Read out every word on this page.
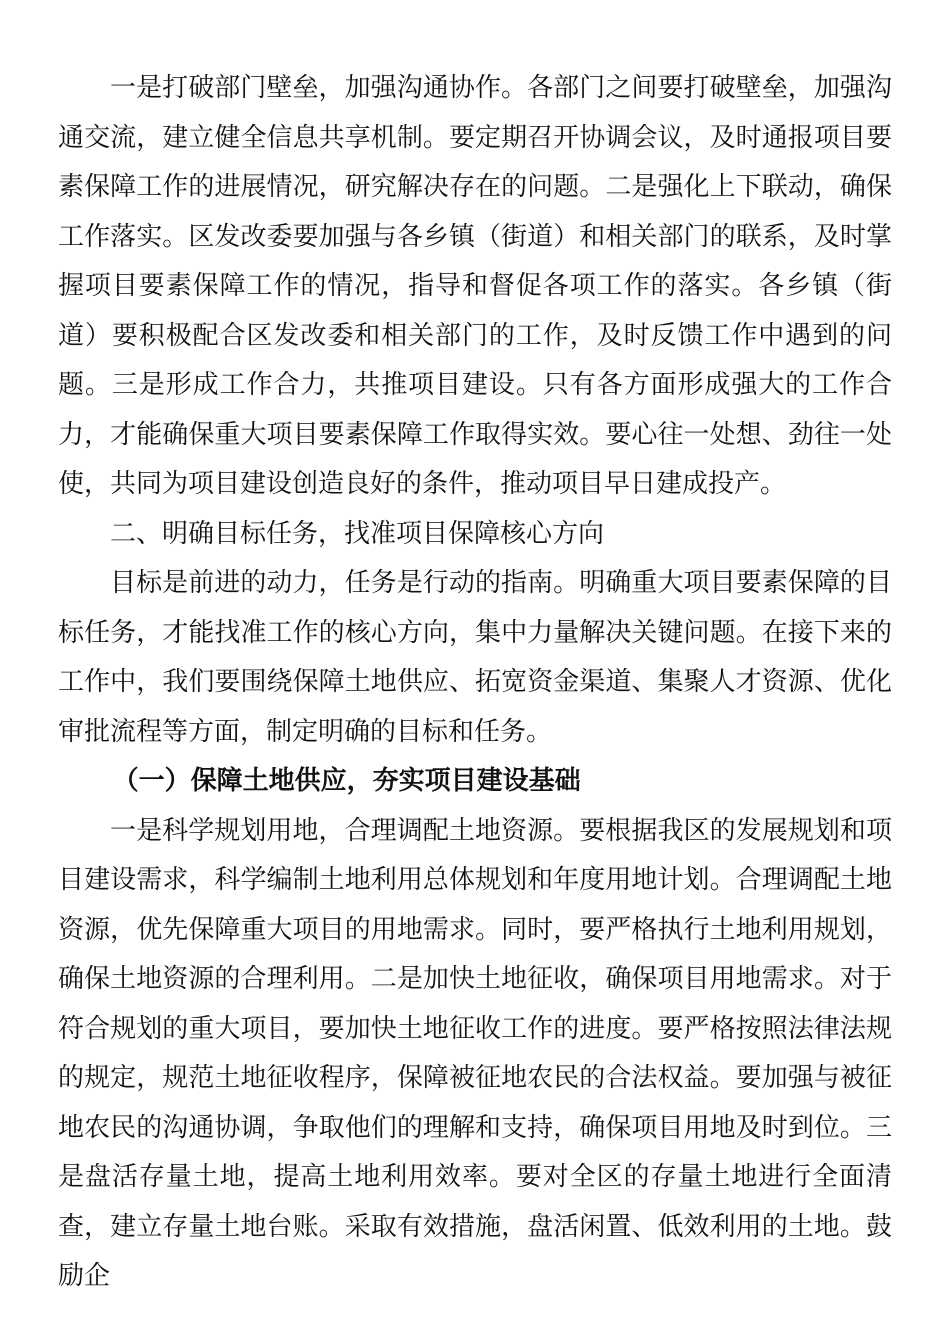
一是打破部门壁垒，加强沟通协作。各部门之间要打破壁垒，加强沟通交流，建立健全信息共享机制。要定期召开协调会议，及时通报项目要素保障工作的进展情况，研究解决存在的问题。二是强化上下联动，确保工作落实。区发改委要加强与各乡镇（街道）和相关部门的联系，及时掌握项目要素保障工作的情况，指导和督促各项工作的落实。各乡镇（街道）要积极配合区发改委和相关部门的工作，及时反馈工作中遇到的问题。三是形成工作合力，共推项目建设。只有各方面形成强大的工作合力，才能确保重大项目要素保障工作取得实效。要心往一处想、劲往一处使，共同为项目建设创造良好的条件，推动项目早日建成投产。

二、明确目标任务，找准项目保障核心方向

目标是前进的动力，任务是行动的指南。明确重大项目要素保障的目标任务，才能找准工作的核心方向，集中力量解决关键问题。在接下来的工作中，我们要围绕保障土地供应、拓宽资金渠道、集聚人才资源、优化审批流程等方面，制定明确的目标和任务。

（一）保障土地供应，夯实项目建设基础

一是科学规划用地，合理调配土地资源。要根据我区的发展规划和项目建设需求，科学编制土地利用总体规划和年度用地计划。合理调配土地资源，优先保障重大项目的用地需求。同时，要严格执行土地利用规划，确保土地资源的合理利用。二是加快土地征收，确保项目用地需求。对于符合规划的重大项目，要加快土地征收工作的进度。要严格按照法律法规的规定，规范土地征收程序，保障被征地农民的合法权益。要加强与被征地农民的沟通协调，争取他们的理解和支持，确保项目用地及时到位。三是盘活存量土地，提高土地利用效率。要对全区的存量土地进行全面清查，建立存量土地台账。采取有效措施，盘活闲置、低效利用的土地。鼓励企
